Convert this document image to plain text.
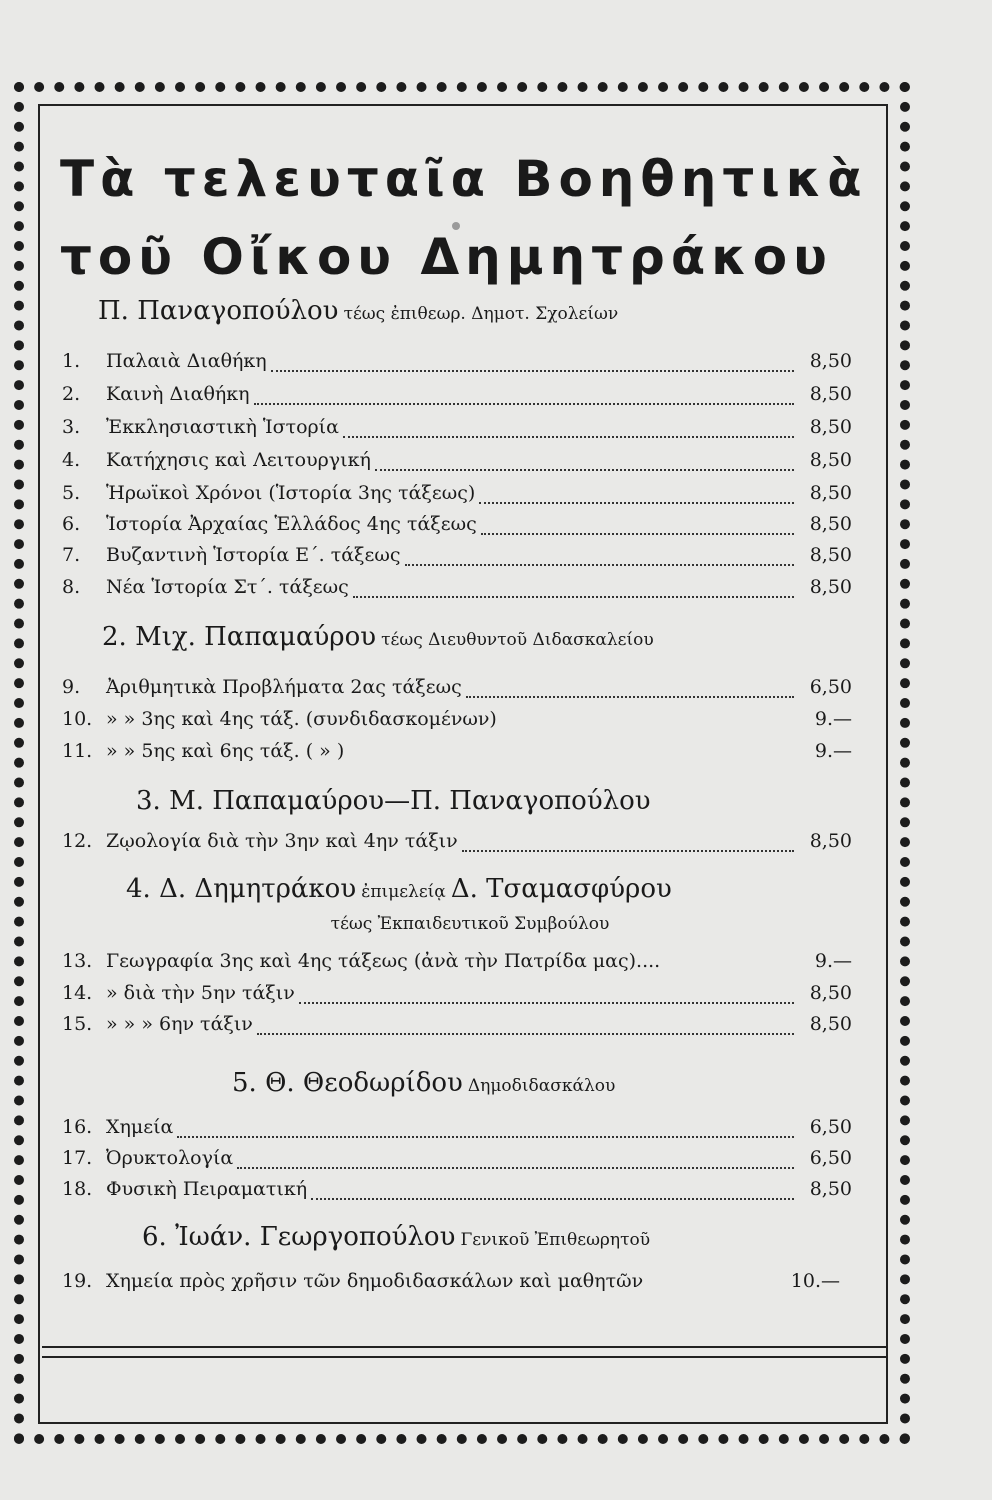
Τὰ τελευταῖα Βοηθητικὰ
τοῦ Οἴκου Δημητράκου
Π. Παναγοπούλου τέως ἐπιθεωρ. Δημοτ. Σχολείων
1.	Παλαιὰ Διαθήκη	8,50
2.	Καινὴ Διαθήκη	8,50
3.	Ἐκκλησιαστικὴ Ἱστορία	8,50
4.	Κατήχησις καὶ Λειτουργική	8,50
5.	Ἡρωϊκοὶ Χρόνοι (Ἱστορία 3ης τάξεως)	8,50
6.	Ἱστορία Ἀρχαίας Ἑλλάδος 4ης τάξεως	8,50
7.	Βυζαντινὴ Ἱστορία Ε΄. τάξεως	8,50
8.	Νέα Ἱστορία Στ΄. τάξεως	8,50
2. Μιχ. Παπαμαύρου τέως Διευθυντοῦ Διδασκαλείου
9.	Ἀριθμητικὰ Προβλήματα 2ας τάξεως	6,50
10. » » 3ης καὶ 4ης τάξ. (συνδιδασκομένων)	9.—
11. » » 5ης καὶ 6ης τάξ. ( » )	9.—
3. Μ. Παπαμαύρου—Π. Παναγοπούλου
12. Ζῳολογία διὰ τὴν 3ην καὶ 4ην τάξιν	8,50
4. Δ. Δημητράκου ἐπιμελείᾳ Δ. Τσαμασφύρου
τέως Ἐκπαιδευτικοῦ Συμβούλου
13. Γεωγραφία 3ης καὶ 4ης τάξεως (ἀνὰ τὴν Πατρίδα μας)....	9.—
14. » διὰ τὴν 5ην τάξιν	8,50
15. » » » 6ην τάξιν	8,50
5. Θ. Θεοδωρίδου Δημοδιδασκάλου
16. Χημεία	6,50
17. Ὀρυκτολογία	6,50
18. Φυσικὴ Πειραματική	8,50
6. Ἰωάν. Γεωργοπούλου Γενικοῦ Ἐπιθεωρητοῦ
19. Χημεία πρὸς χρῆσιν τῶν δημοδιδασκάλων καὶ μαθητῶν	10.—
